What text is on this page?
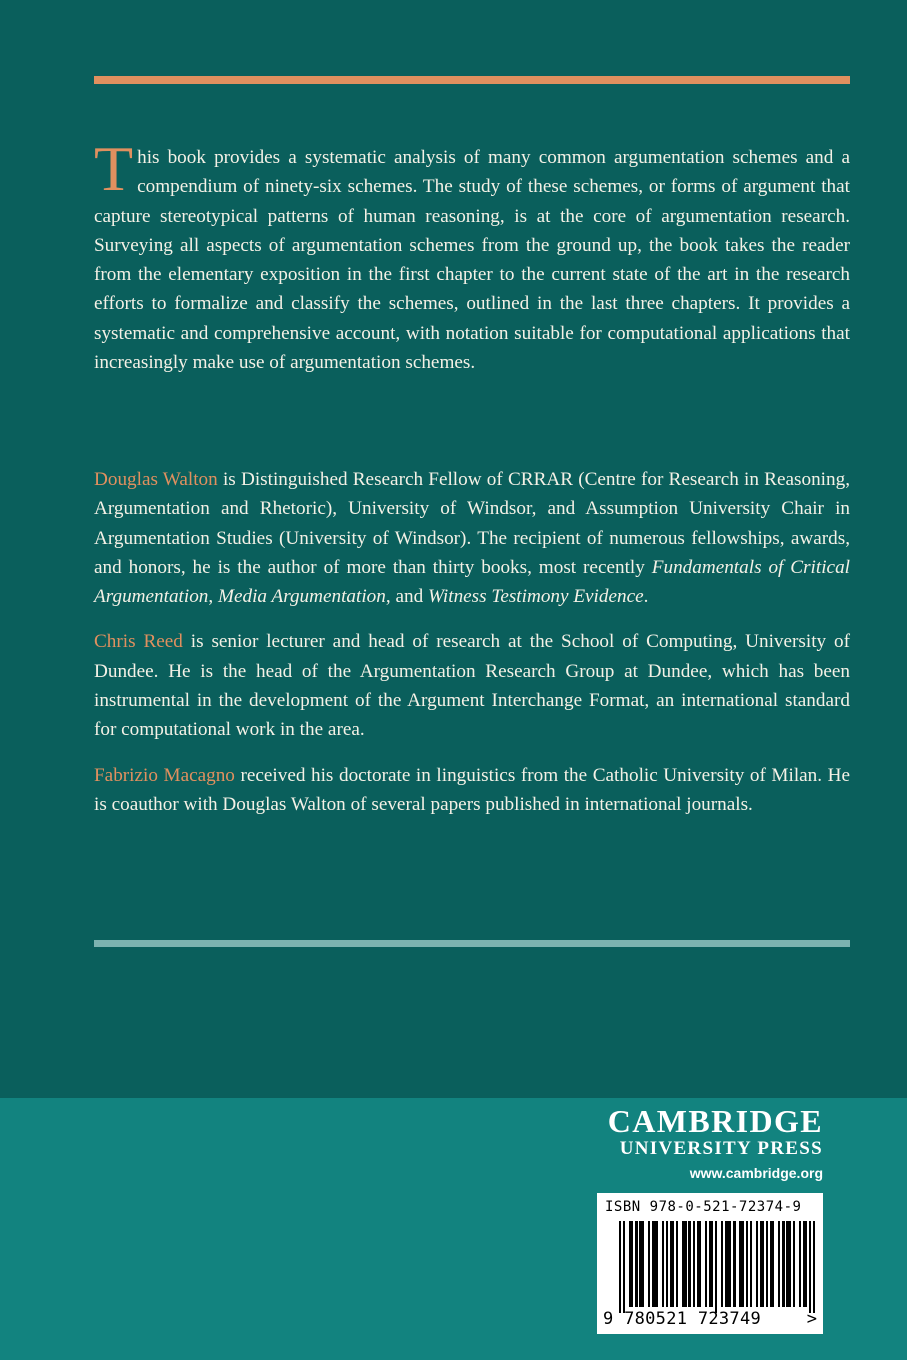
This book provides a systematic analysis of many common argumentation schemes and a compendium of ninety-six schemes. The study of these schemes, or forms of argument that capture stereotypical patterns of human reasoning, is at the core of argumentation research. Surveying all aspects of argumentation schemes from the ground up, the book takes the reader from the elementary exposition in the first chapter to the current state of the art in the research efforts to formalize and classify the schemes, outlined in the last three chapters. It provides a systematic and comprehensive account, with notation suitable for computational applications that increasingly make use of argumentation schemes.

Douglas Walton is Distinguished Research Fellow of CRRAR (Centre for Research in Reasoning, Argumentation and Rhetoric), University of Windsor, and Assumption University Chair in Argumentation Studies (University of Windsor). The recipient of numerous fellowships, awards, and honors, he is the author of more than thirty books, most recently Fundamentals of Critical Argumentation, Media Argumentation, and Witness Testimony Evidence.

Chris Reed is senior lecturer and head of research at the School of Computing, University of Dundee. He is the head of the Argumentation Research Group at Dundee, which has been instrumental in the development of the Argument Interchange Format, an international standard for computational work in the area.

Fabrizio Macagno received his doctorate in linguistics from the Catholic University of Milan. He is coauthor with Douglas Walton of several papers published in international journals.

CAMBRIDGE
UNIVERSITY PRESS
www.cambridge.org
ISBN 978-0-521-72374-9
9 780521 723749	>
